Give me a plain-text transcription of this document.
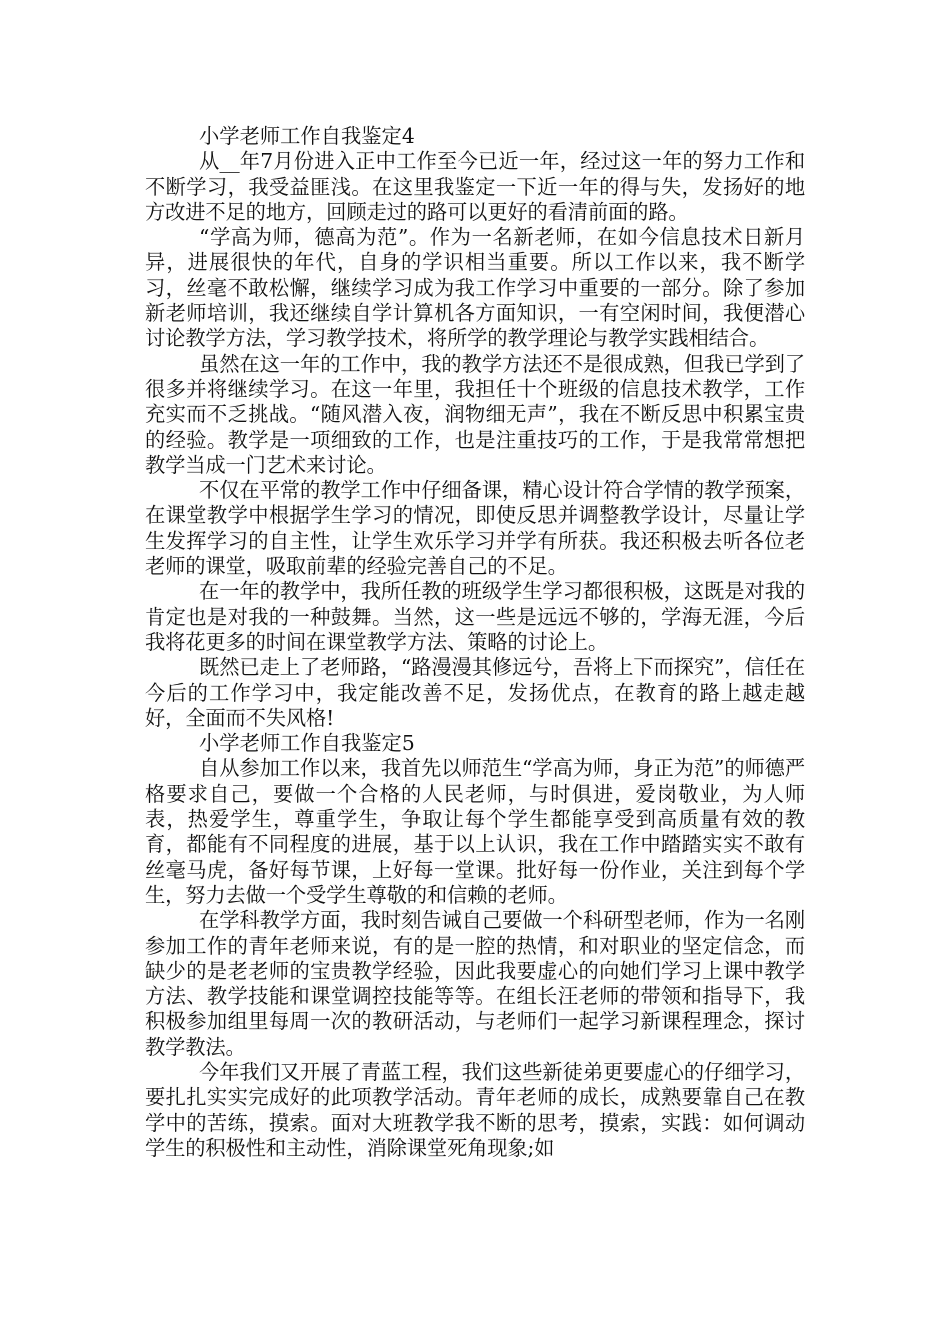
小学老师工作自我鉴定4

从__年7月份进入正中工作至今已近一年，经过这一年的努力工作和不断学习，我受益匪浅。在这里我鉴定一下近一年的得与失，发扬好的地方改进不足的地方，回顾走过的路可以更好的看清前面的路。

“学高为师，德高为范”。作为一名新老师，在如今信息技术日新月异，进展很快的年代，自身的学识相当重要。所以工作以来，我不断学习，丝毫不敢松懈，继续学习成为我工作学习中重要的一部分。除了参加新老师培训，我还继续自学计算机各方面知识，一有空闲时间，我便潜心讨论教学方法，学习教学技术，将所学的教学理论与教学实践相结合。

虽然在这一年的工作中，我的教学方法还不是很成熟，但我已学到了很多并将继续学习。在这一年里，我担任十个班级的信息技术教学，工作充实而不乏挑战。“随风潜入夜，润物细无声”，我在不断反思中积累宝贵的经验。教学是一项细致的工作，也是注重技巧的工作，于是我常常想把教学当成一门艺术来讨论。

不仅在平常的教学工作中仔细备课，精心设计符合学情的教学预案，在课堂教学中根据学生学习的情况，即使反思并调整教学设计，尽量让学生发挥学习的自主性，让学生欢乐学习并学有所获。我还积极去听各位老老师的课堂，吸取前辈的经验完善自己的不足。

在一年的教学中，我所任教的班级学生学习都很积极，这既是对我的肯定也是对我的一种鼓舞。当然，这一些是远远不够的，学海无涯，今后我将花更多的时间在课堂教学方法、策略的讨论上。

既然已走上了老师路，“路漫漫其修远兮，吾将上下而探究”，信任在今后的工作学习中，我定能改善不足，发扬优点，在教育的路上越走越好，全面而不失风格!

小学老师工作自我鉴定5

自从参加工作以来，我首先以师范生“学高为师，身正为范”的师德严格要求自己，要做一个合格的人民老师，与时俱进，爱岗敬业，为人师表，热爱学生，尊重学生，争取让每个学生都能享受到高质量有效的教育，都能有不同程度的进展，基于以上认识，我在工作中踏踏实实不敢有丝毫马虎，备好每节课，上好每一堂课。批好每一份作业，关注到每个学生，努力去做一个受学生尊敬的和信赖的老师。

在学科教学方面，我时刻告诫自己要做一个科研型老师，作为一名刚参加工作的青年老师来说，有的是一腔的热情，和对职业的坚定信念，而缺少的是老老师的宝贵教学经验，因此我要虚心的向她们学习上课中教学方法、教学技能和课堂调控技能等等。在组长汪老师的带领和指导下，我积极参加组里每周一次的教研活动，与老师们一起学习新课程理念，探讨教学教法。

今年我们又开展了青蓝工程，我们这些新徒弟更要虚心的仔细学习，要扎扎实实完成好的此项教学活动。青年老师的成长，成熟要靠自己在教学中的苦练，摸索。面对大班教学我不断的思考，摸索，实践：如何调动学生的积极性和主动性，消除课堂死角现象;如
